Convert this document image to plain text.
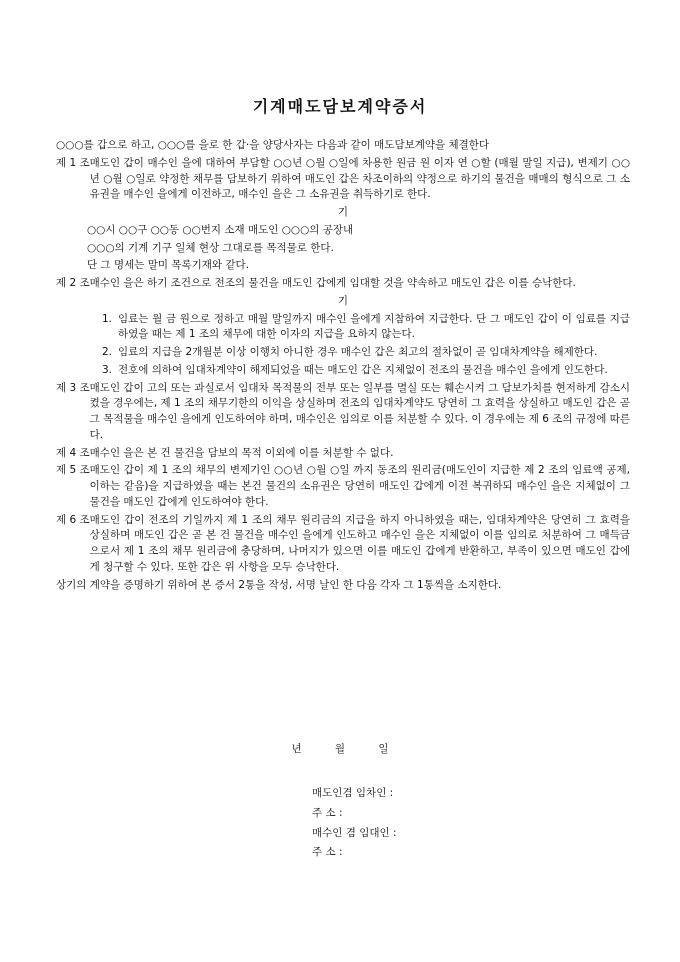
기계매도담보계약증서

○○○를 갑으로 하고, ○○○를 을로 한 갑·을 양당사자는 다음과 같이 매도담보계약을 체결한다

제 1 조 매도인 갑이 매수인 을에 대하여 부담할 ○○년 ○월 ○일에 차용한 원금 원 이자 연 ○할 (매월 말일 지급), 변제기 ○○년 ○월 ○일로 약정한 채무를 담보하기 위하여 매도인 갑은 차조이하의 약정으로 하기의 물건을 매매의 형식으로 그 소유권을 매수인 을에게 이전하고, 매수인 을은 그 소유권을 취득하기로 한다.
기
○○시 ○○구 ○○동 ○○번지 소재 매도인 ○○○의 공장내
○○○의 기계 기구 일체 현상 그대로를 목적물로 한다.
단 그 명세는 말미 목록기재와 같다.
제 2 조 매수인 을은 하기 조건으로 전조의 물건을 매도인 갑에게 임대할 것을 약속하고 매도인 갑은 이를 승낙한다.
기
1. 임료는 월 금 원으로 정하고 매월 말일까지 매수인 을에게 지참하여 지급한다. 단 그 매도인 갑이 이 임료를 지급하였을 때는 제 1 조의 채무에 대한 이자의 지급을 요하지 않는다.
2. 임료의 지급을 2개월분 이상 이행치 아니한 경우 매수인 갑은 최고의 절차없이 곧 임대차계약을 해제한다.
3. 전호에 의하여 임대차계약이 해제되었을 때는 매도인 갑은 지체없이 전조의 물건을 매수인 을에게 인도한다.
제 3 조 매도인 갑이 고의 또는 과실로서 임대차 목적물의 전부 또는 일부를 멸실 또는 훼손시켜 그 담보가치를 현저하게 감소시켰을 경우에는, 제 1 조의 채무기한의 이익을 상실하며 전조의 임대차계약도 당연히 그 효력을 상실하고 매도인 갑은 곧 그 목적물을 매수인 을에게 인도하여야 하며, 매수인은 임의로 이를 처분할 수 있다. 이 경우에는 제 6 조의 규정에 따른다.
제 4 조 매수인 을은 본 건 물건을 담보의 목적 이외에 이를 처분할 수 없다.
제 5 조 매도인 갑이 제 1 조의 채무의 변제기인 ○○년 ○월 ○일 까지 동조의 원리금(매도인이 지급한 제 2 조의 임료액 공제, 이하는 같음)을 지급하였을 때는 본건 물건의 소유권은 당연히 매도인 갑에게 이전 복귀하되 매수인 을은 지체없이 그 물건을 매도인 갑에게 인도하여야 한다.
제 6 조 매도인 갑이 전조의 기일까지 제 1 조의 채무 원리금의 지급을 하지 아니하였을 때는, 임대차계약은 당연히 그 효력을 상실하며 매도인 갑은 곧 본 건 물건을 매수인 을에게 인도하고 매수인 을은 지체없이 이를 임의로 처분하여 그 매득금으로서 제 1 조의 채무 원리금에 충당하며, 나머지가 있으면 이를 매도인 갑에게 반환하고, 부족이 있으면 매도인 갑에게 청구할 수 있다. 또한 갑은 위 사항을 모두 승낙한다.

상기의 계약을 증명하기 위하여 본 증서 2통을 작성, 서명 날인 한 다음 각자 그 1통씩을 소지한다.

년 월 일
매도인겸 임차인 :
주 소 :
매수인 겸 임대인 :
주 소 :
